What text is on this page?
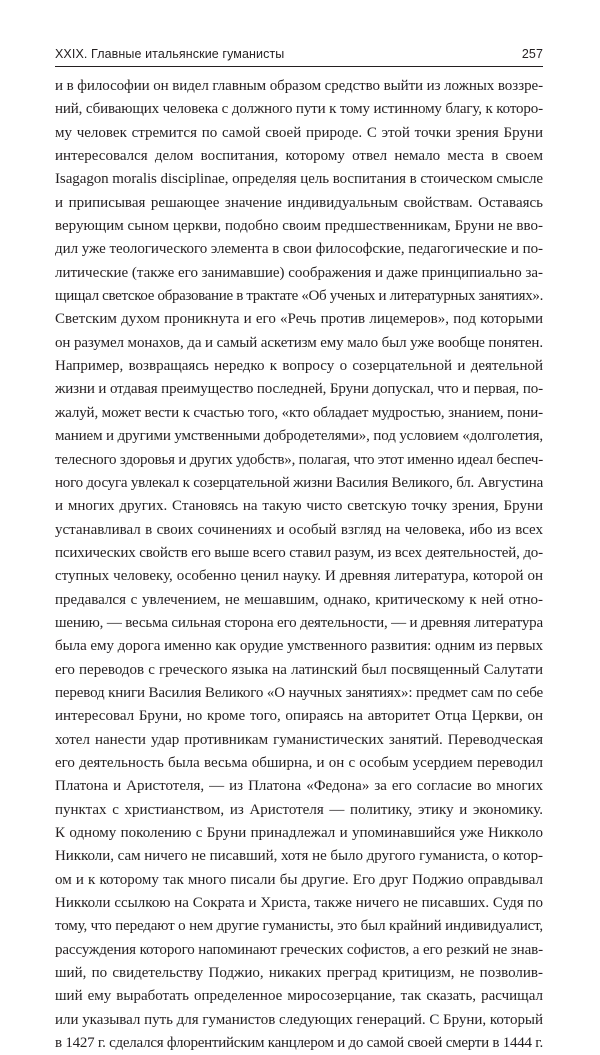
XXIX. Главные итальянские гуманисты	257
и в философии он видел главным образом средство выйти из ложных воззре-
ний, сбивающих человека с должного пути к тому истинному благу, к которо-
му человек стремится по самой своей природе. С этой точки зрения Бруни
интересовался делом воспитания, которому отвел немало места в своем
Isagagon moralis disciplinae, определяя цель воспитания в стоическом смысле
и приписывая решающее значение индивидуальным свойствам. Оставаясь
верующим сыном церкви, подобно своим предшественникам, Бруни не вво-
дил уже теологического элемента в свои философские, педагогические и по-
литические (также его занимавшие) соображения и даже принципиально за-
щищал светское образование в трактате «Об ученых и литературных занятиях».
Светским духом проникнута и его «Речь против лицемеров», под которыми
он разумел монахов, да и самый аскетизм ему мало был уже вообще понятен.
Например, возвращаясь нередко к вопросу о созерцательной и деятельной
жизни и отдавая преимущество последней, Бруни допускал, что и первая, по-
жалуй, может вести к счастью того, «кто обладает мудростью, знанием, пони-
манием и другими умственными добродетелями», под условием «долголетия,
телесного здоровья и других удобств», полагая, что этот именно идеал беспеч-
ного досуга увлекал к созерцательной жизни Василия Великого, бл. Августина
и многих других. Становясь на такую чисто светскую точку зрения, Бруни
устанавливал в своих сочинениях и особый взгляд на человека, ибо из всех
психических свойств его выше всего ставил разум, из всех деятельностей, до-
ступных человеку, особенно ценил науку. И древняя литература, которой он
предавался с увлечением, не мешавшим, однако, критическому к ней отно-
шению, — весьма сильная сторона его деятельности, — и древняя литература
была ему дорога именно как орудие умственного развития: одним из первых
его переводов с греческого языка на латинский был посвященный Салутати
перевод книги Василия Великого «О научных занятиях»: предмет сам по себе
интересовал Бруни, но кроме того, опираясь на авторитет Отца Церкви, он
хотел нанести удар противникам гуманистических занятий. Переводческая
его деятельность была весьма обширна, и он с особым усердием переводил
Платона и Аристотеля, — из Платона «Федона» за его согласие во многих
пунктах с христианством, из Аристотеля — политику, этику и экономику.
К одному поколению с Бруни принадлежал и упоминавшийся уже Никколо
Никколи, сам ничего не писавший, хотя не было другого гуманиста, о котор-
ом и к которому так много писали бы другие. Его друг Поджио оправдывал
Никколи ссылкою на Сократа и Христа, также ничего не писавших. Судя по
тому, что передают о нем другие гуманисты, это был крайний индивидуалист,
рассуждения которого напоминают греческих софистов, а его резкий не знав-
ший, по свидетельству Поджио, никаких преград критицизм, не позволив-
ший ему выработать определенное миросозерцание, так сказать, расчищал
или указывал путь для гуманистов следующих генераций. С Бруни, который
в 1427 г. сделался флорентийским канцлером и до самой своей смерти в 1444 г.
